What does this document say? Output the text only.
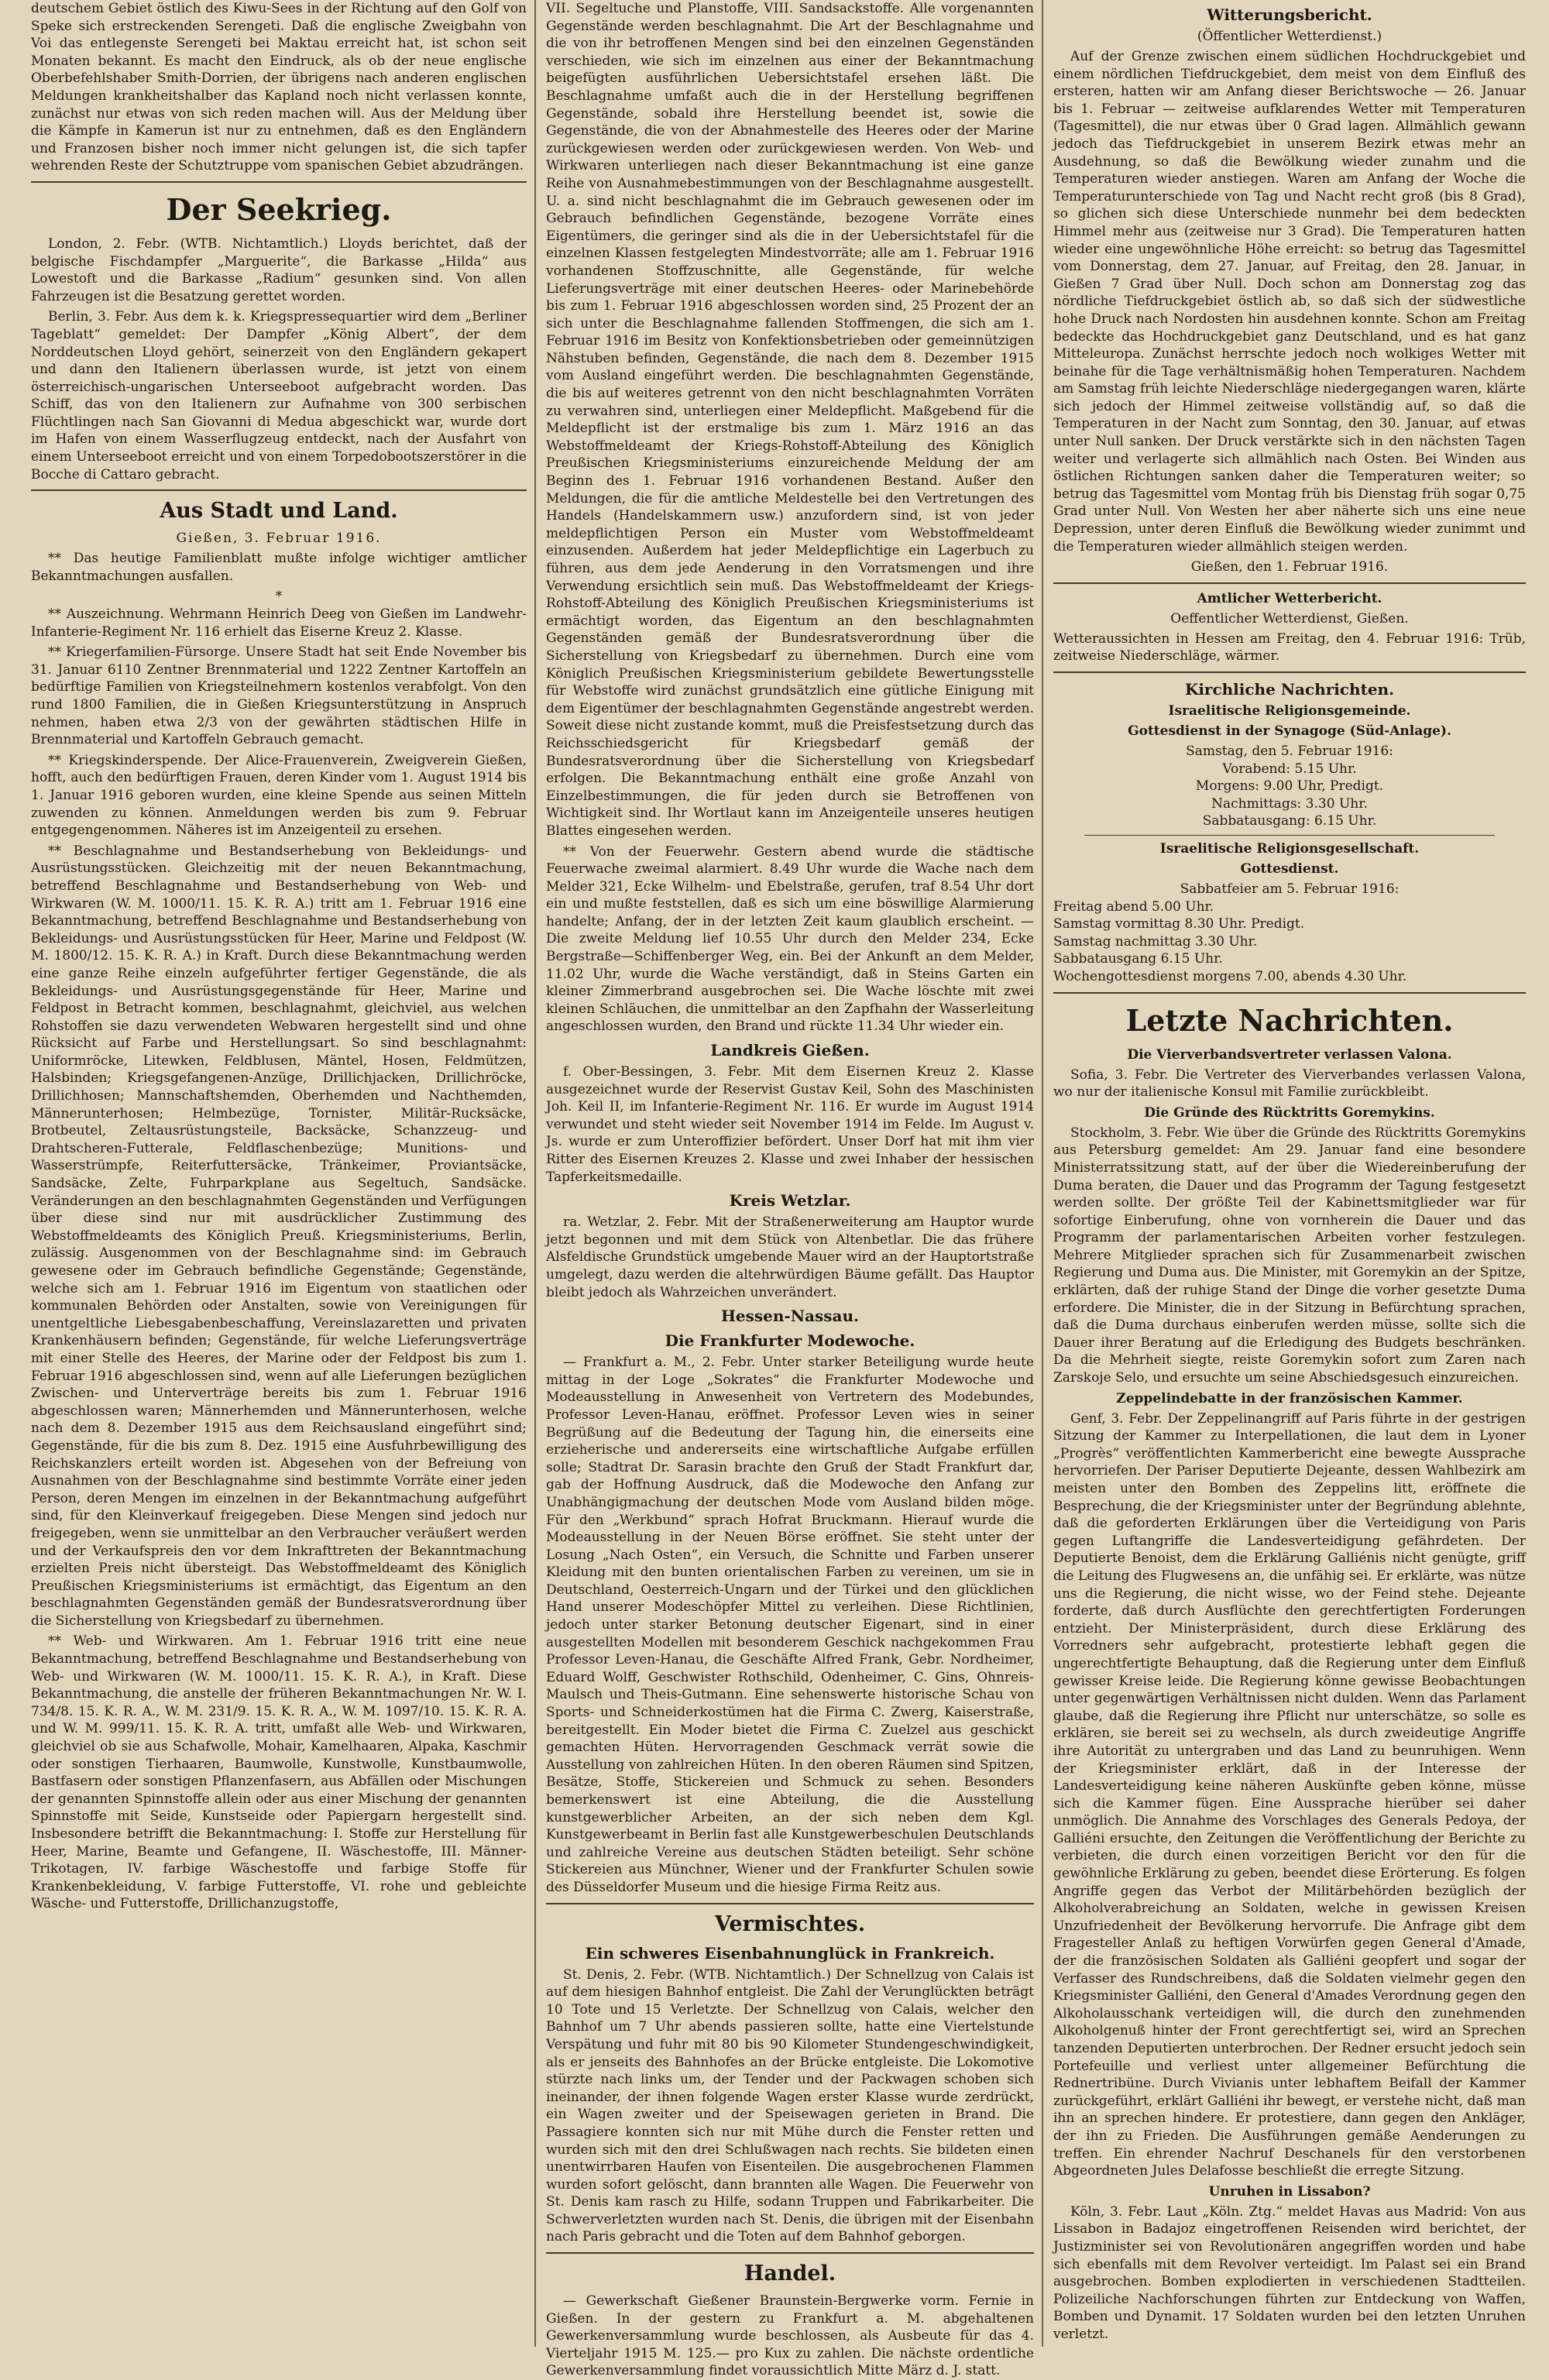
deutschem Gebiet östlich des Kiwu-Sees in der Richtung auf den Golf von Speke sich erstreckenden Serengeti. Daß die englische Zweigbahn von Voi das entlegenste Serengeti bei Maktau erreicht hat, ist schon seit Monaten bekannt. Es macht den Eindruck, als ob der neue englische Oberbefehlshaber Smith-Dorrien, der übrigens nach anderen englischen Meldungen krankheitshalber das Kapland noch nicht verlassen konnte, zunächst nur etwas von sich reden machen will. Aus der Meldung über die Kämpfe in Kamerun ist nur zu entnehmen, daß es den Engländern und Franzosen bisher noch immer nicht gelungen ist, die sich tapfer wehrenden Reste der Schutztruppe vom spanischen Gebiet abzudrängen.

Der Seekrieg.

London, 2. Febr. (WTB. Nichtamtlich.) Lloyds berichtet, daß der belgische Fischdampfer „Marguerite“, die Barkasse „Hilda“ aus Lowestoft und die Barkasse „Radium“ gesunken sind. Von allen Fahrzeugen ist die Besatzung gerettet worden.

Berlin, 3. Febr. Aus dem k. k. Kriegspressequartier wird dem „Berliner Tageblatt“ gemeldet: Der Dampfer „König Albert“, der dem Norddeutschen Lloyd gehört, seinerzeit von den Engländern gekapert und dann den Italienern überlassen wurde, ist jetzt von einem österreichisch-ungarischen Unterseeboot aufgebracht worden. Das Schiff, das von den Italienern zur Aufnahme von 300 serbischen Flüchtlingen nach San Giovanni di Medua abgeschickt war, wurde dort im Hafen von einem Wasserflugzeug entdeckt, nach der Ausfahrt von einem Unterseeboot erreicht und von einem Torpedobootszerstörer in die Bocche di Cattaro gebracht.

Aus Stadt und Land.
Gießen, 3. Februar 1916.

** Das heutige Familienblatt mußte infolge wichtiger amtlicher Bekanntmachungen ausfallen.

*

** Auszeichnung. Wehrmann Heinrich Deeg von Gießen im Landwehr-Infanterie-Regiment Nr. 116 erhielt das Eiserne Kreuz 2. Klasse.

** Kriegerfamilien-Fürsorge. Unsere Stadt hat seit Ende November bis 31. Januar 6110 Zentner Brennmaterial und 1222 Zentner Kartoffeln an bedürftige Familien von Kriegsteilnehmern kostenlos verabfolgt. Von den rund 1800 Familien, die in Gießen Kriegsunterstützung in Anspruch nehmen, haben etwa 2/3 von der gewährten städtischen Hilfe in Brennmaterial und Kartoffeln Gebrauch gemacht.

** Kriegskinderspende. Der Alice-Frauenverein, Zweigverein Gießen, hofft, auch den bedürftigen Frauen, deren Kinder vom 1. August 1914 bis 1. Januar 1916 geboren wurden, eine kleine Spende aus seinen Mitteln zuwenden zu können. Anmeldungen werden bis zum 9. Februar entgegengenommen. Näheres ist im Anzeigenteil zu ersehen.

** Beschlagnahme und Bestandserhebung von Bekleidungs- und Ausrüstungsstücken. Gleichzeitig mit der neuen Bekanntmachung, betreffend Beschlagnahme und Bestandserhebung von Web- und Wirkwaren (W. M. 1000/11. 15. K. R. A.) tritt am 1. Februar 1916 eine Bekanntmachung, betreffend Beschlagnahme und Bestandserhebung von Bekleidungs- und Ausrüstungsstücken für Heer, Marine und Feldpost (W. M. 1800/12. 15. K. R. A.) in Kraft. Durch diese Bekanntmachung werden eine ganze Reihe einzeln aufgeführter fertiger Gegenstände, die als Bekleidungs- und Ausrüstungsgegenstände für Heer, Marine und Feldpost in Betracht kommen, beschlagnahmt, gleichviel, aus welchen Rohstoffen sie dazu verwendeten Webwaren hergestellt sind und ohne Rücksicht auf Farbe und Herstellungsart. So sind beschlagnahmt: Uniformröcke, Litewken, Feldblusen, Mäntel, Hosen, Feldmützen, Halsbinden; Kriegsgefangenen-Anzüge, Drillichjacken, Drillichröcke, Drillichhosen; Mannschaftshemden, Oberhemden und Nachthemden, Männerunterhosen; Helmbezüge, Tornister, Militär-Rucksäcke, Brotbeutel, Zeltausrüstungsteile, Backsäcke, Schanzzeug- und Drahtscheren-Futterale, Feldflaschenbezüge; Munitions- und Wasserstrümpfe, Reiterfuttersäcke, Tränkeimer, Proviantsäcke, Sandsäcke, Zelte, Fuhrparkplane aus Segeltuch, Sandsäcke. Veränderungen an den beschlagnahmten Gegenständen und Verfügungen über diese sind nur mit ausdrücklicher Zustimmung des Webstoffmeldeamts des Königlich Preuß. Kriegsministeriums, Berlin, zulässig. Ausgenommen von der Beschlagnahme sind: im Gebrauch gewesene oder im Gebrauch befindliche Gegenstände; Gegenstände, welche sich am 1. Februar 1916 im Eigentum von staatlichen oder kommunalen Behörden oder Anstalten, sowie von Vereinigungen für unentgeltliche Liebesgabenbeschaffung, Vereinslazaretten und privaten Krankenhäusern befinden; Gegenstände, für welche Lieferungsverträge mit einer Stelle des Heeres, der Marine oder der Feldpost bis zum 1. Februar 1916 abgeschlossen sind, wenn auf alle Lieferungen bezüglichen Zwischen- und Unterverträge bereits bis zum 1. Februar 1916 abgeschlossen waren; Männerhemden und Männerunterhosen, welche nach dem 8. Dezember 1915 aus dem Reichsausland eingeführt sind; Gegenstände, für die bis zum 8. Dez. 1915 eine Ausfuhrbewilligung des Reichskanzlers erteilt worden ist. Abgesehen von der Befreiung von Ausnahmen von der Beschlagnahme sind bestimmte Vorräte einer jeden Person, deren Mengen im einzelnen in der Bekanntmachung aufgeführt sind, für den Kleinverkauf freigegeben. Diese Mengen sind jedoch nur freigegeben, wenn sie unmittelbar an den Verbraucher veräußert werden und der Verkaufspreis den vor dem Inkrafttreten der Bekanntmachung erzielten Preis nicht übersteigt. Das Webstoffmeldeamt des Königlich Preußischen Kriegsministeriums ist ermächtigt, das Eigentum an den beschlagnahmten Gegenständen gemäß der Bundesratsverordnung über die Sicherstellung von Kriegsbedarf zu übernehmen.

** Web- und Wirkwaren. Am 1. Februar 1916 tritt eine neue Bekanntmachung, betreffend Beschlagnahme und Bestandserhebung von Web- und Wirkwaren (W. M. 1000/11. 15. K. R. A.), in Kraft. Diese Bekanntmachung, die anstelle der früheren Bekanntmachungen Nr. W. I. 734/8. 15. K. R. A., W. M. 231/9. 15. K. R. A., W. M. 1097/10. 15. K. R. A. und W. M. 999/11. 15. K. R. A. tritt, umfaßt alle Web- und Wirkwaren, gleichviel ob sie aus Schafwolle, Mohair, Kamelhaaren, Alpaka, Kaschmir oder sonstigen Tierhaaren, Baumwolle, Kunstwolle, Kunstbaumwolle, Bastfasern oder sonstigen Pflanzenfasern, aus Abfällen oder Mischungen der genannten Spinnstoffe allein oder aus einer Mischung der genannten Spinnstoffe mit Seide, Kunstseide oder Papiergarn hergestellt sind. Insbesondere betrifft die Bekanntmachung: I. Stoffe zur Herstellung für Heer, Marine, Beamte und Gefangene, II. Wäschestoffe, III. Männer-Trikotagen, IV. farbige Wäschestoffe und farbige Stoffe für Krankenbekleidung, V. farbige Futterstoffe, VI. rohe und gebleichte Wäsche- und Futterstoffe, Drillichanzugstoffe,

VII. Segeltuche und Planstoffe, VIII. Sandsackstoffe. Alle vorgenannten Gegenstände werden beschlagnahmt. Die Art der Beschlagnahme und die von ihr betroffenen Mengen sind bei den einzelnen Gegenständen verschieden, wie sich im einzelnen aus einer der Bekanntmachung beigefügten ausführlichen Uebersichtstafel ersehen läßt. Die Beschlagnahme umfaßt auch die in der Herstellung begriffenen Gegenstände, sobald ihre Herstellung beendet ist, sowie die Gegenstände, die von der Abnahmestelle des Heeres oder der Marine zurückgewiesen werden oder zurückgewiesen werden. Von Web- und Wirkwaren unterliegen nach dieser Bekanntmachung ist eine ganze Reihe von Ausnahmebestimmungen von der Beschlagnahme ausgestellt. U. a. sind nicht beschlagnahmt die im Gebrauch gewesenen oder im Gebrauch befindlichen Gegenstände, bezogene Vorräte eines Eigentümers, die geringer sind als die in der Uebersichtstafel für die einzelnen Klassen festgelegten Mindestvorräte; alle am 1. Februar 1916 vorhandenen Stoffzuschnitte, alle Gegenstände, für welche Lieferungsverträge mit einer deutschen Heeres- oder Marinebehörde bis zum 1. Februar 1916 abgeschlossen worden sind, 25 Prozent der an sich unter die Beschlagnahme fallenden Stoffmengen, die sich am 1. Februar 1916 im Besitz von Konfektionsbetrieben oder gemeinnützigen Nähstuben befinden, Gegenstände, die nach dem 8. Dezember 1915 vom Ausland eingeführt werden. Die beschlagnahmten Gegenstände, die bis auf weiteres getrennt von den nicht beschlagnahmten Vorräten zu verwahren sind, unterliegen einer Meldepflicht. Maßgebend für die Meldepflicht ist der erstmalige bis zum 1. März 1916 an das Webstoffmeldeamt der Kriegs-Rohstoff-Abteilung des Königlich Preußischen Kriegsministeriums einzureichende Meldung der am Beginn des 1. Februar 1916 vorhandenen Bestand. Außer den Meldungen, die für die amtliche Meldestelle bei den Vertretungen des Handels (Handelskammern usw.) anzufordern sind, ist von jeder meldepflichtigen Person ein Muster vom Webstoffmeldeamt einzusenden. Außerdem hat jeder Meldepflichtige ein Lagerbuch zu führen, aus dem jede Aenderung in den Vorratsmengen und ihre Verwendung ersichtlich sein muß. Das Webstoffmeldeamt der Kriegs-Rohstoff-Abteilung des Königlich Preußischen Kriegsministeriums ist ermächtigt worden, das Eigentum an den beschlagnahmten Gegenständen gemäß der Bundesratsverordnung über die Sicherstellung von Kriegsbedarf zu übernehmen. Durch eine vom Königlich Preußischen Kriegsministerium gebildete Bewertungsstelle für Webstoffe wird zunächst grundsätzlich eine gütliche Einigung mit dem Eigentümer der beschlagnahmten Gegenstände angestrebt werden. Soweit diese nicht zustande kommt, muß die Preisfestsetzung durch das Reichsschiedsgericht für Kriegsbedarf gemäß der Bundesratsverordnung über die Sicherstellung von Kriegsbedarf erfolgen. Die Bekanntmachung enthält eine große Anzahl von Einzelbestimmungen, die für jeden durch sie Betroffenen von Wichtigkeit sind. Ihr Wortlaut kann im Anzeigenteile unseres heutigen Blattes eingesehen werden.

** Von der Feuerwehr. Gestern abend wurde die städtische Feuerwache zweimal alarmiert. 8.49 Uhr wurde die Wache nach dem Melder 321, Ecke Wilhelm- und Ebelstraße, gerufen, traf 8.54 Uhr dort ein und mußte feststellen, daß es sich um eine böswillige Alarmierung handelte; Anfang, der in der letzten Zeit kaum glaublich erscheint. — Die zweite Meldung lief 10.55 Uhr durch den Melder 234, Ecke Bergstraße—Schiffenberger Weg, ein. Bei der Ankunft an dem Melder, 11.02 Uhr, wurde die Wache verständigt, daß in Steins Garten ein kleiner Zimmerbrand ausgebrochen sei. Die Wache löschte mit zwei kleinen Schläuchen, die unmittelbar an den Zapfhahn der Wasserleitung angeschlossen wurden, den Brand und rückte 11.34 Uhr wieder ein.

Landkreis Gießen.

f. Ober-Bessingen, 3. Febr. Mit dem Eisernen Kreuz 2. Klasse ausgezeichnet wurde der Reservist Gustav Keil, Sohn des Maschinisten Joh. Keil II, im Infanterie-Regiment Nr. 116. Er wurde im August 1914 verwundet und steht wieder seit November 1914 im Felde. Im August v. Js. wurde er zum Unteroffizier befördert. Unser Dorf hat mit ihm vier Ritter des Eisernen Kreuzes 2. Klasse und zwei Inhaber der hessischen Tapferkeitsmedaille.

Kreis Wetzlar.

ra. Wetzlar, 2. Febr. Mit der Straßenerweiterung am Hauptor wurde jetzt begonnen und mit dem Stück von Altenbetlar. Die das frühere Alsfeldische Grundstück umgebende Mauer wird an der Hauptortstraße umgelegt, dazu werden die altehrwürdigen Bäume gefällt. Das Hauptor bleibt jedoch als Wahrzeichen unverändert.

Hessen-Nassau.
Die Frankfurter Modewoche.

— Frankfurt a. M., 2. Febr. Unter starker Beteiligung wurde heute mittag in der Loge „Sokrates“ die Frankfurter Modewoche und Modeausstellung in Anwesenheit von Vertretern des Modebundes, Professor Leven-Hanau, eröffnet. Professor Leven wies in seiner Begrüßung auf die Bedeutung der Tagung hin, die einerseits eine erzieherische und andererseits eine wirtschaftliche Aufgabe erfüllen solle; Stadtrat Dr. Sarasin brachte den Gruß der Stadt Frankfurt dar, gab der Hoffnung Ausdruck, daß die Modewoche den Anfang zur Unabhängigmachung der deutschen Mode vom Ausland bilden möge. Für den „Werkbund“ sprach Hofrat Bruckmann. Hierauf wurde die Modeausstellung in der Neuen Börse eröffnet. Sie steht unter der Losung „Nach Osten“, ein Versuch, die Schnitte und Farben unserer Kleidung mit den bunten orientalischen Farben zu vereinen, um sie in Deutschland, Oesterreich-Ungarn und der Türkei und den glücklichen Hand unserer Modeschöpfer Mittel zu verleihen. Diese Richtlinien, jedoch unter starker Betonung deutscher Eigenart, sind in einer ausgestellten Modellen mit besonderem Geschick nachgekommen Frau Professor Leven-Hanau, die Geschäfte Alfred Frank, Gebr. Nordheimer, Eduard Wolff, Geschwister Rothschild, Odenheimer, C. Gins, Ohnreis-Maulsch und Theis-Gutmann. Eine sehenswerte historische Schau von Sports- und Schneiderkostümen hat die Firma C. Zwerg, Kaiserstraße, bereitgestellt. Ein Moder bietet die Firma C. Zuelzel aus geschickt gemachten Hüten. Hervorragenden Geschmack verrät sowie die Ausstellung von zahlreichen Hüten. In den oberen Räumen sind Spitzen, Besätze, Stoffe, Stickereien und Schmuck zu sehen. Besonders bemerkenswert ist eine Abteilung, die die Ausstellung kunstgewerblicher Arbeiten, an der sich neben dem Kgl. Kunstgewerbeamt in Berlin fast alle Kunstgewerbeschulen Deutschlands und zahlreiche Vereine aus deutschen Städten beteiligt. Sehr schöne Stickereien aus Münchner, Wiener und der Frankfurter Schulen sowie des Düsseldorfer Museum und die hiesige Firma Reitz aus.

Vermischtes.
Ein schweres Eisenbahnunglück in Frankreich.

St. Denis, 2. Febr. (WTB. Nichtamtlich.) Der Schnellzug von Calais ist auf dem hiesigen Bahnhof entgleist. Die Zahl der Verunglückten beträgt 10 Tote und 15 Verletzte. Der Schnellzug von Calais, welcher den Bahnhof um 7 Uhr abends passieren sollte, hatte eine Viertelstunde Verspätung und fuhr mit 80 bis 90 Kilometer Stundengeschwindigkeit, als er jenseits des Bahnhofes an der Brücke entgleiste. Die Lokomotive stürzte nach links um, der Tender und der Packwagen schoben sich ineinander, der ihnen folgende Wagen erster Klasse wurde zerdrückt, ein Wagen zweiter und der Speisewagen gerieten in Brand. Die Passagiere konnten sich nur mit Mühe durch die Fenster retten und wurden sich mit den drei Schlußwagen nach rechts. Sie bildeten einen unentwirrbaren Haufen von Eisenteilen. Die ausgebrochenen Flammen wurden sofort gelöscht, dann brannten alle Wagen. Die Feuerwehr von St. Denis kam rasch zu Hilfe, sodann Truppen und Fabrikarbeiter. Die Schwerverletzten wurden nach St. Denis, die übrigen mit der Eisenbahn nach Paris gebracht und die Toten auf dem Bahnhof geborgen.

Handel.

— Gewerkschaft Gießener Braunstein-Bergwerke vorm. Fernie in Gießen. In der gestern zu Frankfurt a. M. abgehaltenen Gewerkenversammlung wurde beschlossen, als Ausbeute für das 4. Vierteljahr 1915 M. 125.— pro Kux zu zahlen. Die nächste ordentliche Gewerkenversammlung findet voraussichtlich Mitte März d. J. statt.

Witterungsbericht.
(Öffentlicher Wetterdienst.)

Auf der Grenze zwischen einem südlichen Hochdruckgebiet und einem nördlichen Tiefdruckgebiet, dem meist von dem Einfluß des ersteren, hatten wir am Anfang dieser Berichtswoche — 26. Januar bis 1. Februar — zeitweise aufklarendes Wetter mit Temperaturen (Tagesmittel), die nur etwas über 0 Grad lagen. Allmählich gewann jedoch das Tiefdruckgebiet in unserem Bezirk etwas mehr an Ausdehnung, so daß die Bewölkung wieder zunahm und die Temperaturen wieder anstiegen. Waren am Anfang der Woche die Temperaturunterschiede von Tag und Nacht recht groß (bis 8 Grad), so glichen sich diese Unterschiede nunmehr bei dem bedeckten Himmel mehr aus (zeitweise nur 3 Grad). Die Temperaturen hatten wieder eine ungewöhnliche Höhe erreicht: so betrug das Tagesmittel vom Donnerstag, dem 27. Januar, auf Freitag, den 28. Januar, in Gießen 7 Grad über Null. Doch schon am Donnerstag zog das nördliche Tiefdruckgebiet östlich ab, so daß sich der südwestliche hohe Druck nach Nordosten hin ausdehnen konnte. Schon am Freitag bedeckte das Hochdruckgebiet ganz Deutschland, und es hat ganz Mitteleuropa. Zunächst herrschte jedoch noch wolkiges Wetter mit beinahe für die Tage verhältnismäßig hohen Temperaturen. Nachdem am Samstag früh leichte Niederschläge niedergegangen waren, klärte sich jedoch der Himmel zeitweise vollständig auf, so daß die Temperaturen in der Nacht zum Sonntag, den 30. Januar, auf etwas unter Null sanken. Der Druck verstärkte sich in den nächsten Tagen weiter und verlagerte sich allmählich nach Osten. Bei Winden aus östlichen Richtungen sanken daher die Temperaturen weiter; so betrug das Tagesmittel vom Montag früh bis Dienstag früh sogar 0,75 Grad unter Null. Von Westen her aber näherte sich uns eine neue Depression, unter deren Einfluß die Bewölkung wieder zunimmt und die Temperaturen wieder allmählich steigen werden.

Gießen, den 1. Februar 1916.

Amtlicher Wetterbericht.
Oeffentlicher Wetterdienst, Gießen.

Wetteraussichten in Hessen am Freitag, den 4. Februar 1916: Trüb, zeitweise Niederschläge, wärmer.

Kirchliche Nachrichten.
Israelitische Religionsgemeinde.
Gottesdienst in der Synagoge (Süd-Anlage).
Samstag, den 5. Februar 1916:
Vorabend: 5.15 Uhr.
Morgens: 9.00 Uhr, Predigt.
Nachmittags: 3.30 Uhr.
Sabbatausgang: 6.15 Uhr.
Israelitische Religionsgesellschaft.
Gottesdienst.
Sabbatfeier am 5. Februar 1916:
Freitag abend 5.00 Uhr.
Samstag vormittag 8.30 Uhr. Predigt.
Samstag nachmittag 3.30 Uhr.
Sabbatausgang 6.15 Uhr.
Wochengottesdienst morgens 7.00, abends 4.30 Uhr.
Letzte Nachrichten.
Die Vierverbandsvertreter verlassen Valona.

Sofia, 3. Febr. Die Vertreter des Vierverbandes verlassen Valona, wo nur der italienische Konsul mit Familie zurückbleibt.

Die Gründe des Rücktritts Goremykins.

Stockholm, 3. Febr. Wie über die Gründe des Rücktritts Goremykins aus Petersburg gemeldet: Am 29. Januar fand eine besondere Ministerratssitzung statt, auf der über die Wiedereinberufung der Duma beraten, die Dauer und das Programm der Tagung festgesetzt werden sollte. Der größte Teil der Kabinettsmitglieder war für sofortige Einberufung, ohne von vornherein die Dauer und das Programm der parlamentarischen Arbeiten vorher festzulegen. Mehrere Mitglieder sprachen sich für Zusammenarbeit zwischen Regierung und Duma aus. Die Minister, mit Goremykin an der Spitze, erklärten, daß der ruhige Stand der Dinge die vorher gesetzte Duma erfordere. Die Minister, die in der Sitzung in Befürchtung sprachen, daß die Duma durchaus einberufen werden müsse, sollte sich die Dauer ihrer Beratung auf die Erledigung des Budgets beschränken. Da die Mehrheit siegte, reiste Goremykin sofort zum Zaren nach Zarskoje Selo, und ersuchte um seine Abschiedsgesuch einzureichen.

Zeppelindebatte in der französischen Kammer.

Genf, 3. Febr. Der Zeppelinangriff auf Paris führte in der gestrigen Sitzung der Kammer zu Interpellationen, die laut dem in Lyoner „Progrès“ veröffentlichten Kammerbericht eine bewegte Aussprache hervorriefen. Der Pariser Deputierte Dejeante, dessen Wahlbezirk am meisten unter den Bomben des Zeppelins litt, eröffnete die Besprechung, die der Kriegsminister unter der Begründung ablehnte, daß die geforderten Erklärungen über die Verteidigung von Paris gegen Luftangriffe die Landesverteidigung gefährdeten. Der Deputierte Benoist, dem die Erklärung Galliénis nicht genügte, griff die Leitung des Flugwesens an, die unfähig sei. Er erklärte, was nütze uns die Regierung, die nicht wisse, wo der Feind stehe. Dejeante forderte, daß durch Ausflüchte den gerechtfertigten Forderungen entzieht. Der Ministerpräsident, durch diese Erklärung des Vorredners sehr aufgebracht, protestierte lebhaft gegen die ungerechtfertigte Behauptung, daß die Regierung unter dem Einfluß gewisser Kreise leide. Die Regierung könne gewisse Beobachtungen unter gegenwärtigen Verhältnissen nicht dulden. Wenn das Parlament glaube, daß die Regierung ihre Pflicht nur unterschätze, so solle es erklären, sie bereit sei zu wechseln, als durch zweideutige Angriffe ihre Autorität zu untergraben und das Land zu beunruhigen. Wenn der Kriegsminister erklärt, daß in der Interesse der Landesverteidigung keine näheren Auskünfte geben könne, müsse sich die Kammer fügen. Eine Aussprache hierüber sei daher unmöglich. Die Annahme des Vorschlages des Generals Pedoya, der Galliéni ersuchte, den Zeitungen die Veröffentlichung der Berichte zu verbieten, die durch einen vorzeitigen Bericht vor den für die gewöhnliche Erklärung zu geben, beendet diese Erörterung. Es folgen Angriffe gegen das Verbot der Militärbehörden bezüglich der Alkoholverabreichung an Soldaten, welche in gewissen Kreisen Unzufriedenheit der Bevölkerung hervorrufe. Die Anfrage gibt dem Fragesteller Anlaß zu heftigen Vorwürfen gegen General d'Amade, der die französischen Soldaten als Galliéni geopfert und sogar der Verfasser des Rundschreibens, daß die Soldaten vielmehr gegen den Kriegsminister Galliéni, den General d'Amades Verordnung gegen den Alkoholausschank verteidigen will, die durch den zunehmenden Alkoholgenuß hinter der Front gerechtfertigt sei, wird an Sprechen tanzenden Deputierten unterbrochen. Der Redner ersucht jedoch sein Portefeuille und verliest unter allgemeiner Befürchtung die Rednertribüne. Durch Vivianis unter lebhaftem Beifall der Kammer zurückgeführt, erklärt Galliéni ihr bewegt, er verstehe nicht, daß man ihn an sprechen hindere. Er protestiere, dann gegen den Ankläger, der ihn zu Frieden. Die Ausführungen gemäße Aenderungen zu treffen. Ein ehrender Nachruf Deschanels für den verstorbenen Abgeordneten Jules Delafosse beschließt die erregte Sitzung.

Unruhen in Lissabon?

Köln, 3. Febr. Laut „Köln. Ztg.“ meldet Havas aus Madrid: Von aus Lissabon in Badajoz eingetroffenen Reisenden wird berichtet, der Justizminister sei von Revolutionären angegriffen worden und habe sich ebenfalls mit dem Revolver verteidigt. Im Palast sei ein Brand ausgebrochen. Bomben explodierten in verschiedenen Stadtteilen. Polizeiliche Nachforschungen führten zur Entdeckung von Waffen, Bomben und Dynamit. 17 Soldaten wurden bei den letzten Unruhen verletzt.
